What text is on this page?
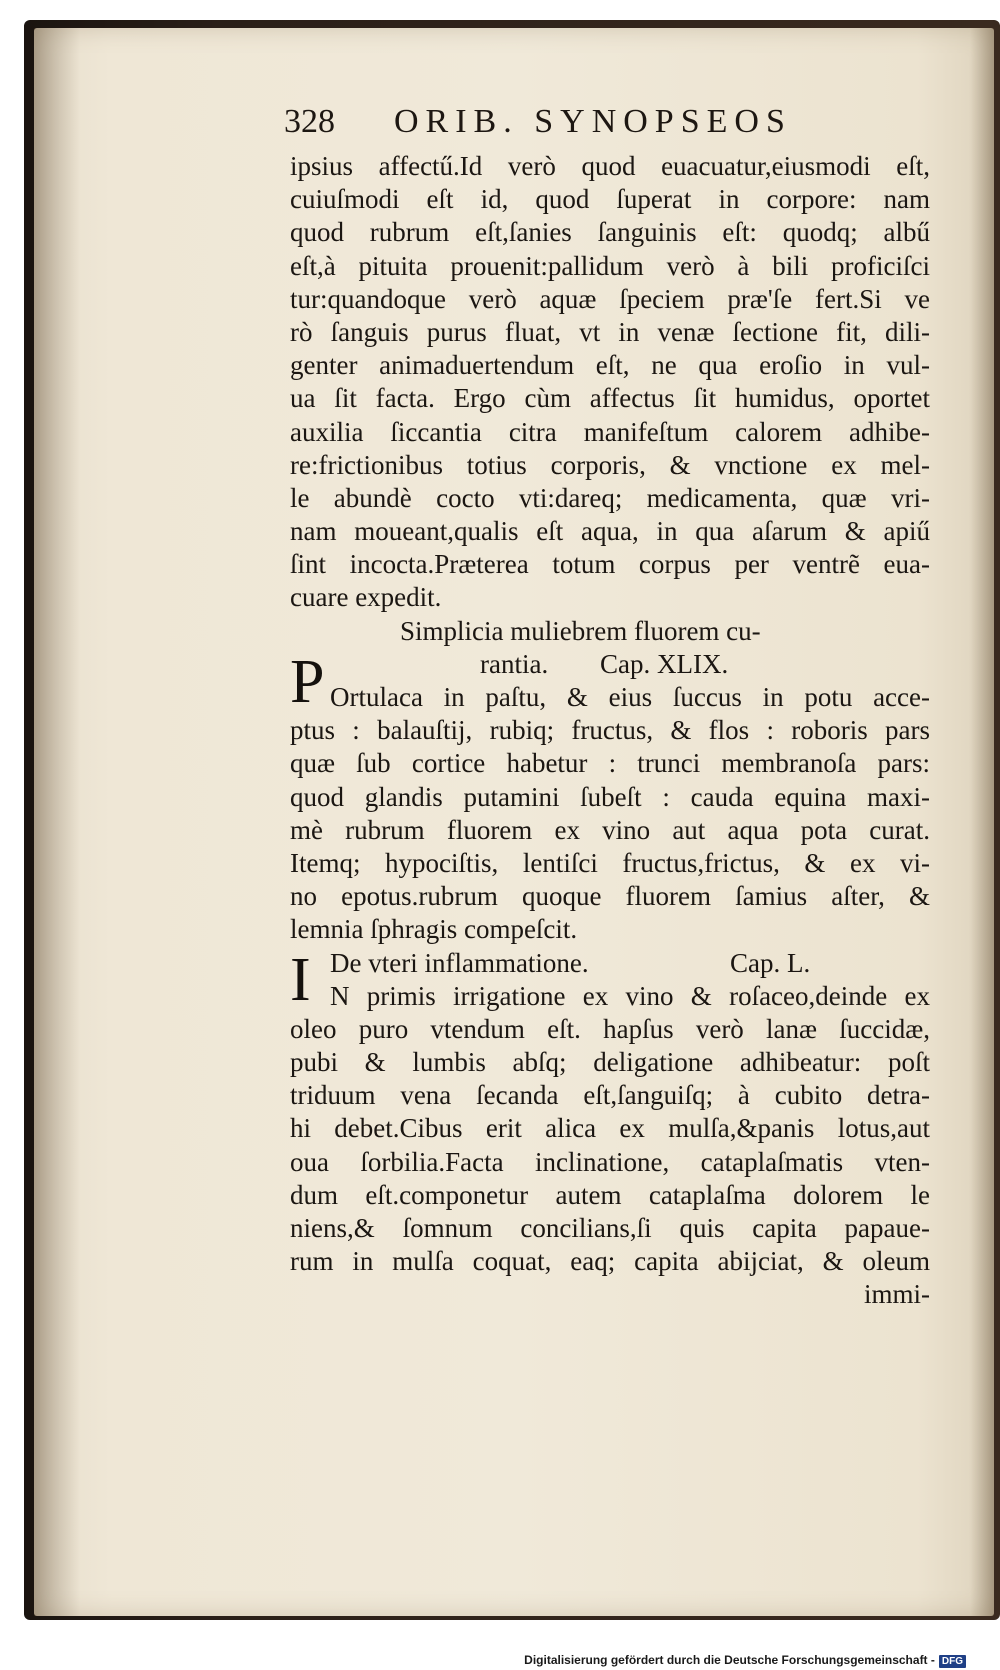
328 ORIB. SYNOPSEOS
ipsius affectű.Id verò quod euacuatur,eiusmodi eſt,
cuiuſmodi eſt id, quod ſuperat in corpore: nam
quod rubrum eſt,ſanies ſanguinis eſt: quodq; albű
eſt,à pituita prouenit:pallidum verò à bili proficiſci
tur:quandoque verò aquæ ſpeciem præ'ſe fert.Si ve
rò ſanguis purus fluat, vt in venæ ſectione fit, dili-
genter animaduertendum eſt, ne qua eroſio in vul-
ua ſit facta. Ergo cùm affectus ſit humidus, oportet
auxilia ſiccantia citra manifeſtum calorem adhibe-
re:frictionibus totius corporis, & vnctione ex mel-
le abundè cocto vti:dareq; medicamenta, quæ vri-
nam moueant,qualis eſt aqua, in qua aſarum & apiű
ſint incocta.Præterea totum corpus per ventrẽ eua-
cuare expedit.
Simplicia muliebrem fluorem cu-
rantia. Cap. XLIX.
P Ortulaca in paſtu, & eius ſuccus in potu acce-
ptus : balauſtij, rubiq; fructus, & flos : roboris pars
quæ ſub cortice habetur : trunci membranoſa pars:
quod glandis putamini ſubeſt : cauda equina maxi-
mè rubrum fluorem ex vino aut aqua pota curat.
Itemq; hypociſtis, lentiſci fructus,frictus, & ex vi-
no epotus.rubrum quoque fluorem ſamius aſter, &
lemnia ſphragis compeſcit.
I De vteri inflammatione.	Cap. L.
N primis irrigatione ex vino & roſaceo,deinde ex
oleo puro vtendum eſt. hapſus verò lanæ ſuccidæ,
pubi & lumbis abſq; deligatione adhibeatur: poſt
triduum vena ſecanda eſt,ſanguiſq; à cubito detra-
hi debet.Cibus erit alica ex mulſa,&panis lotus,aut
oua ſorbilia.Facta inclinatione, cataplaſmatis vten-
dum eſt.componetur autem cataplaſma dolorem le
niens,& ſomnum concilians,ſi quis capita papaue-
rum in mulſa coquat, eaq; capita abijciat, & oleum
immi-
Digitalisierung gefördert durch die Deutsche Forschungsgemeinschaft - DFG
